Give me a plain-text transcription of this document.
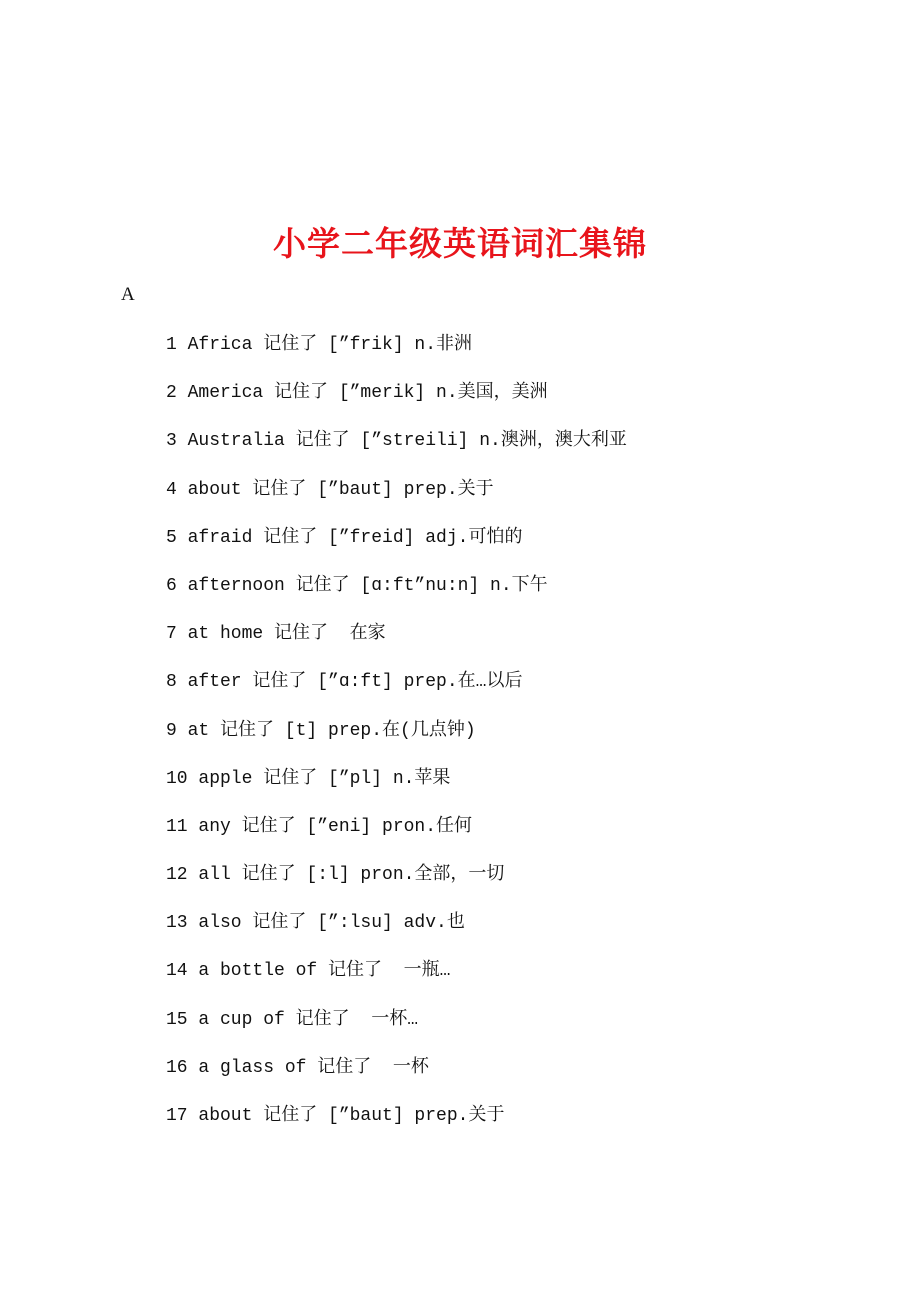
小学二年级英语词汇集锦
A
1 Africa 记住了 [”frik] n.非洲
2 America 记住了 [”merik] n.美国，美洲
3 Australia 记住了 [”streili] n.澳洲，澳大利亚
4 about 记住了 [”baut] prep.关于
5 afraid 记住了 [”freid] adj.可怕的
6 afternoon 记住了 [ɑ:ft”nu:n] n.下午
7 at home 记住了  在家
8 after 记住了 [”ɑ:ft] prep.在…以后
9 at 记住了 [t] prep.在(几点钟)
10 apple 记住了 [”pl] n.苹果
11 any 记住了 [”eni] pron.任何
12 all 记住了 [:l] pron.全部，一切
13 also 记住了 [”:lsu] adv.也
14 a bottle of 记住了  一瓶…
15 a cup of 记住了  一杯…
16 a glass of 记住了  一杯
17 about 记住了 [”baut] prep.关于
